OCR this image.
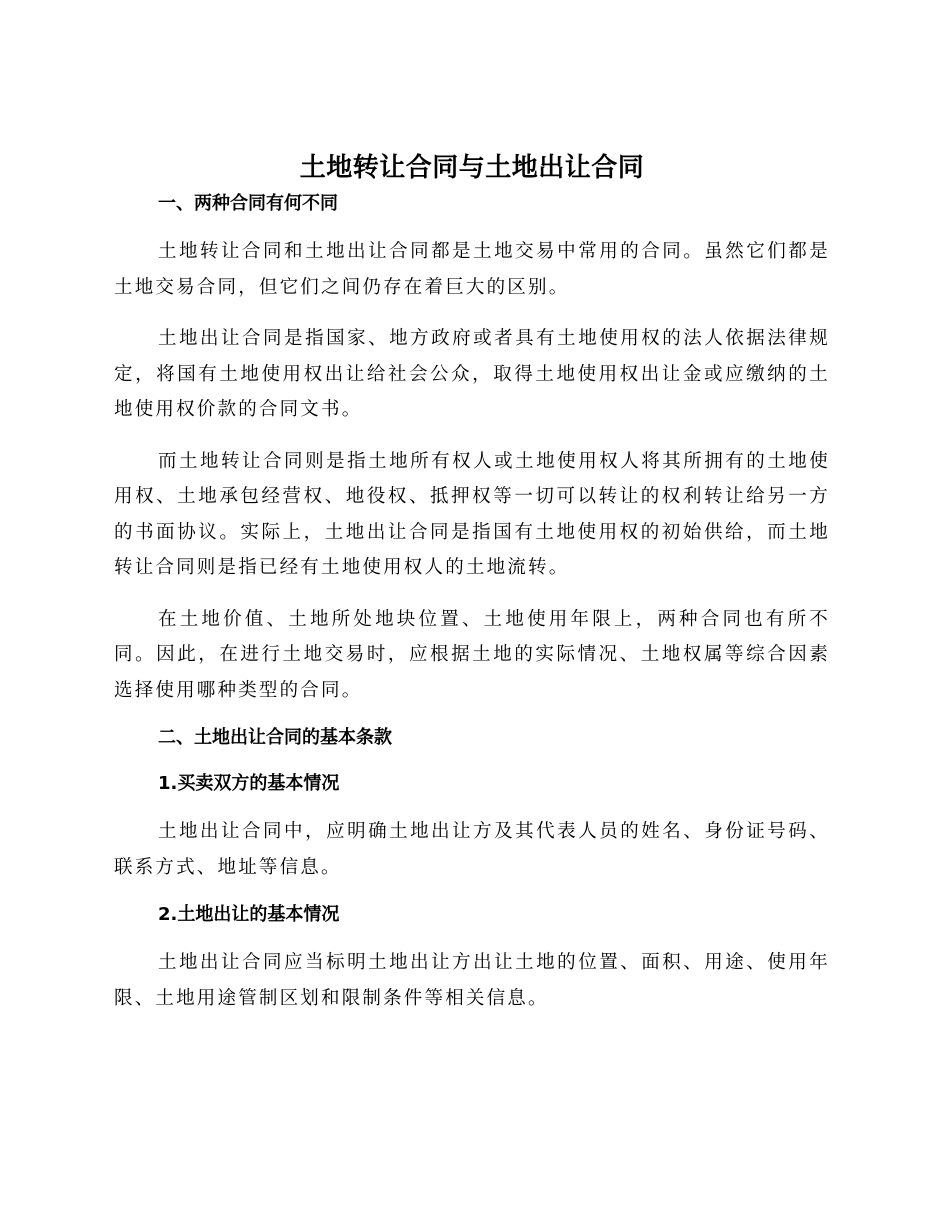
土地转让合同与土地出让合同
一、两种合同有何不同

土地转让合同和土地出让合同都是土地交易中常用的合同。虽然它们都是土地交易合同，但它们之间仍存在着巨大的区别。

土地出让合同是指国家、地方政府或者具有土地使用权的法人依据法律规定，将国有土地使用权出让给社会公众，取得土地使用权出让金或应缴纳的土地使用权价款的合同文书。

而土地转让合同则是指土地所有权人或土地使用权人将其所拥有的土地使用权、土地承包经营权、地役权、抵押权等一切可以转让的权利转让给另一方的书面协议。实际上，土地出让合同是指国有土地使用权的初始供给，而土地转让合同则是指已经有土地使用权人的土地流转。

在土地价值、土地所处地块位置、土地使用年限上，两种合同也有所不同。因此，在进行土地交易时，应根据土地的实际情况、土地权属等综合因素选择使用哪种类型的合同。

二、土地出让合同的基本条款
1.买卖双方的基本情况

土地出让合同中，应明确土地出让方及其代表人员的姓名、身份证号码、联系方式、地址等信息。

2.土地出让的基本情况

土地出让合同应当标明土地出让方出让土地的位置、面积、用途、使用年限、土地用途管制区划和限制条件等相关信息。
